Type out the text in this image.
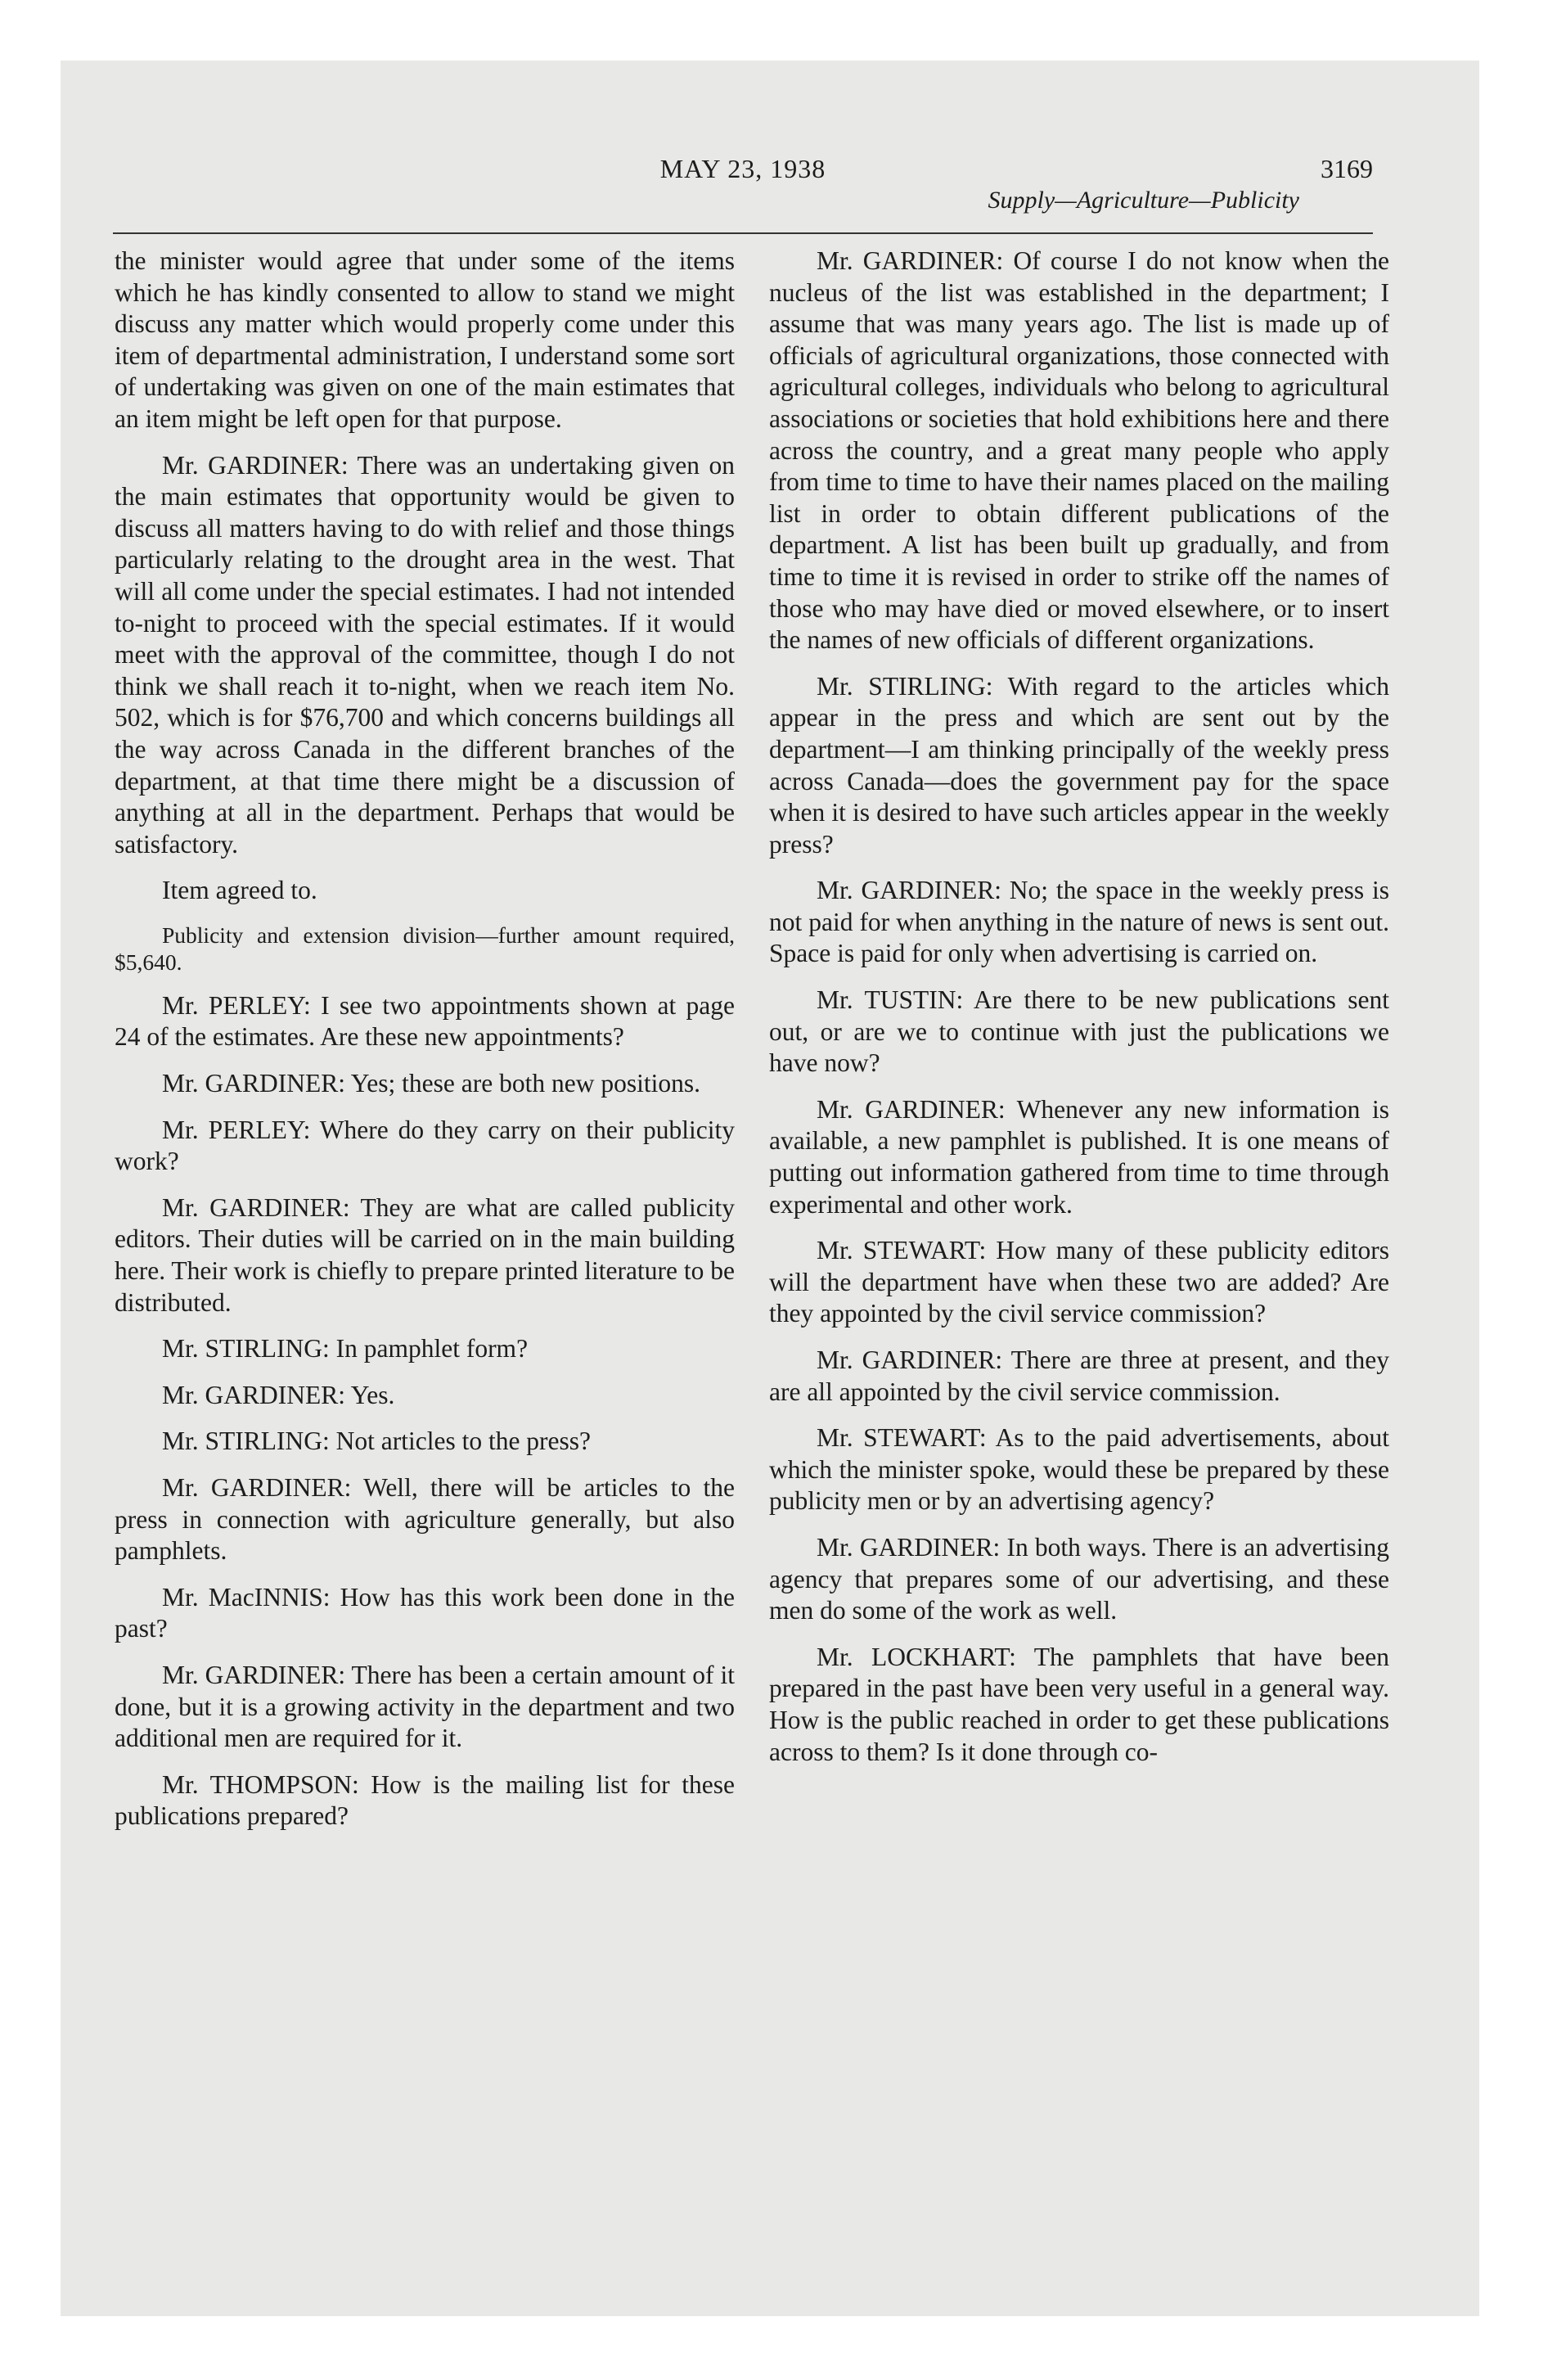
MAY 23, 1938	3169
Supply—Agriculture—Publicity

the minister would agree that under some of the items which he has kindly consented to allow to stand we might discuss any matter which would properly come under this item of departmental administration, I understand some sort of undertaking was given on one of the main estimates that an item might be left open for that purpose.

Mr. GARDINER: There was an undertaking given on the main estimates that opportunity would be given to discuss all matters having to do with relief and those things particularly relating to the drought area in the west. That will all come under the special estimates. I had not intended to-night to proceed with the special estimates. If it would meet with the approval of the committee, though I do not think we shall reach it to-night, when we reach item No. 502, which is for $76,700 and which concerns buildings all the way across Canada in the different branches of the department, at that time there might be a discussion of anything at all in the department. Perhaps that would be satisfactory.

Item agreed to.

Publicity and extension division—further amount required, $5,640.

Mr. PERLEY: I see two appointments shown at page 24 of the estimates. Are these new appointments?

Mr. GARDINER: Yes; these are both new positions.

Mr. PERLEY: Where do they carry on their publicity work?

Mr. GARDINER: They are what are called publicity editors. Their duties will be carried on in the main building here. Their work is chiefly to prepare printed literature to be distributed.

Mr. STIRLING: In pamphlet form?

Mr. GARDINER: Yes.

Mr. STIRLING: Not articles to the press?

Mr. GARDINER: Well, there will be articles to the press in connection with agriculture generally, but also pamphlets.

Mr. MacINNIS: How has this work been done in the past?

Mr. GARDINER: There has been a certain amount of it done, but it is a growing activity in the department and two additional men are required for it.

Mr. THOMPSON: How is the mailing list for these publications prepared?

Mr. GARDINER: Of course I do not know when the nucleus of the list was established in the department; I assume that was many years ago. The list is made up of officials of agricultural organizations, those connected with agricultural colleges, individuals who belong to agricultural associations or societies that hold exhibitions here and there across the country, and a great many people who apply from time to time to have their names placed on the mailing list in order to obtain different publications of the department. A list has been built up gradually, and from time to time it is revised in order to strike off the names of those who may have died or moved elsewhere, or to insert the names of new officials of different organizations.

Mr. STIRLING: With regard to the articles which appear in the press and which are sent out by the department—I am thinking principally of the weekly press across Canada—does the government pay for the space when it is desired to have such articles appear in the weekly press?

Mr. GARDINER: No; the space in the weekly press is not paid for when anything in the nature of news is sent out. Space is paid for only when advertising is carried on.

Mr. TUSTIN: Are there to be new publications sent out, or are we to continue with just the publications we have now?

Mr. GARDINER: Whenever any new information is available, a new pamphlet is published. It is one means of putting out information gathered from time to time through experimental and other work.

Mr. STEWART: How many of these publicity editors will the department have when these two are added? Are they appointed by the civil service commission?

Mr. GARDINER: There are three at present, and they are all appointed by the civil service commission.

Mr. STEWART: As to the paid advertisements, about which the minister spoke, would these be prepared by these publicity men or by an advertising agency?

Mr. GARDINER: In both ways. There is an advertising agency that prepares some of our advertising, and these men do some of the work as well.

Mr. LOCKHART: The pamphlets that have been prepared in the past have been very useful in a general way. How is the public reached in order to get these publications across to them? Is it done through co-
